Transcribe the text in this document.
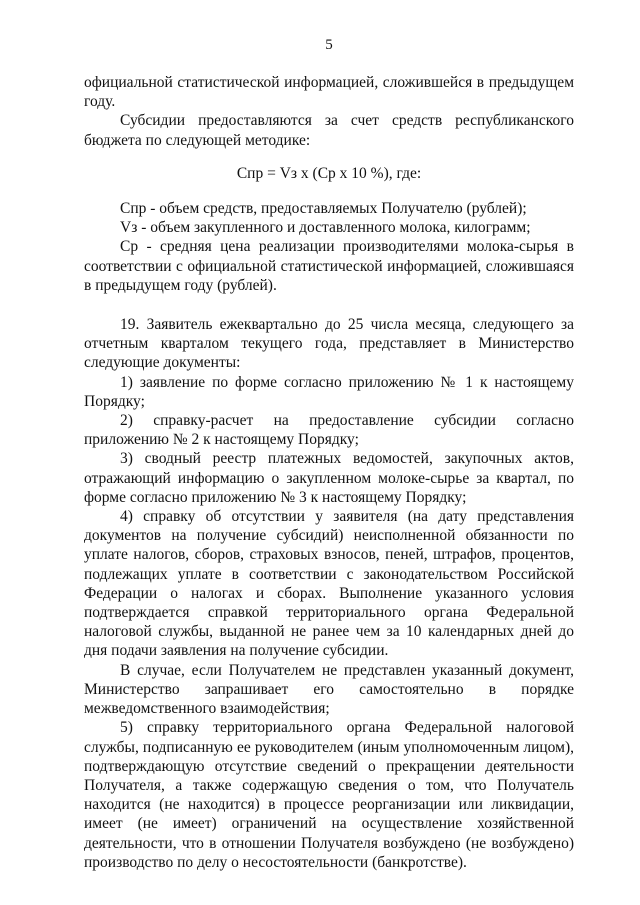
5

официальной статистической информацией, сложившейся в предыдущем году.

Субсидии предоставляются за счет средств республиканского бюджета по следующей методике:

Спр = Vз х (Ср х 10 %), где:

Спр - объем средств, предоставляемых Получателю (рублей);

Vз - объем закупленного и доставленного молока, килограмм;

Ср - средняя цена реализации производителями молока-сырья в соответствии с официальной статистической информацией, сложившаяся в предыдущем году (рублей).

19. Заявитель ежеквартально до 25 числа месяца, следующего за отчетным кварталом текущего года, представляет в Министерство следующие документы:

1) заявление по форме согласно приложению № 1 к настоящему Порядку;

2) справку-расчет на предоставление субсидии согласно приложению № 2 к настоящему Порядку;

3) сводный реестр платежных ведомостей, закупочных актов, отражающий информацию о закупленном молоке-сырье за квартал, по форме согласно приложению № 3 к настоящему Порядку;

4) справку об отсутствии у заявителя (на дату представления документов на получение субсидий) неисполненной обязанности по уплате налогов, сборов, страховых взносов, пеней, штрафов, процентов, подлежащих уплате в соответствии с законодательством Российской Федерации о налогах и сборах. Выполнение указанного условия подтверждается справкой территориального органа Федеральной налоговой службы, выданной не ранее чем за 10 календарных дней до дня подачи заявления на получение субсидии.

В случае, если Получателем не представлен указанный документ, Министерство запрашивает его самостоятельно в порядке межведомственного взаимодействия;

5) справку территориального органа Федеральной налоговой службы, подписанную ее руководителем (иным уполномоченным лицом), подтверждающую отсутствие сведений о прекращении деятельности Получателя, а также содержащую сведения о том, что Получатель находится (не находится) в процессе реорганизации или ликвидации, имеет (не имеет) ограничений на осуществление хозяйственной деятельности, что в отношении Получателя возбуждено (не возбуждено) производство по делу о несостоятельности (банкротстве).
